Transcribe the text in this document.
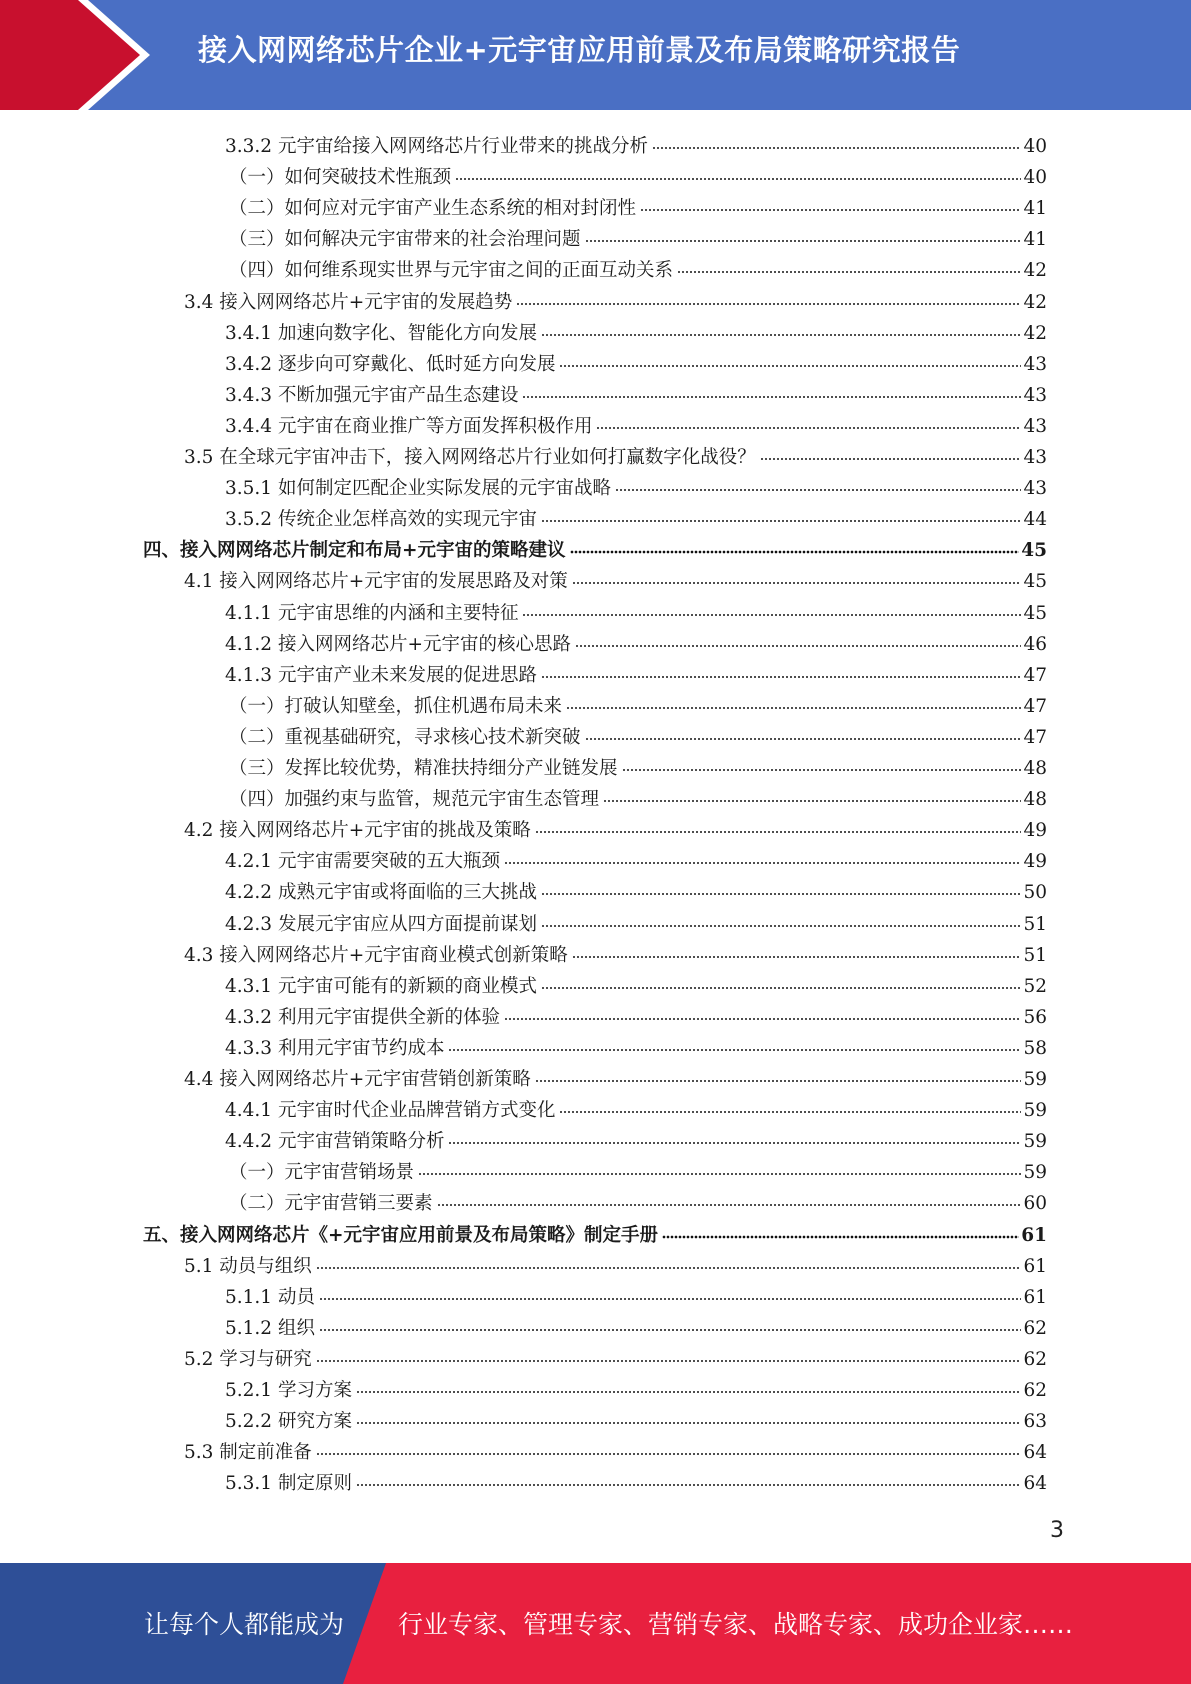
接入网网络芯片企业+元宇宙应用前景及布局策略研究报告
3.3.2 元宇宙给接入网网络芯片行业带来的挑战分析	40
（一）如何突破技术性瓶颈	40
（二）如何应对元宇宙产业生态系统的相对封闭性	41
（三）如何解决元宇宙带来的社会治理问题	41
（四）如何维系现实世界与元宇宙之间的正面互动关系	42
3.4 接入网网络芯片+元宇宙的发展趋势	42
3.4.1 加速向数字化、智能化方向发展	42
3.4.2 逐步向可穿戴化、低时延方向发展	43
3.4.3 不断加强元宇宙产品生态建设	43
3.4.4 元宇宙在商业推广等方面发挥积极作用	43
3.5 在全球元宇宙冲击下，接入网网络芯片行业如何打赢数字化战役？	43
3.5.1 如何制定匹配企业实际发展的元宇宙战略	43
3.5.2 传统企业怎样高效的实现元宇宙	44
四、接入网网络芯片制定和布局+元宇宙的策略建议	45
4.1 接入网网络芯片+元宇宙的发展思路及对策	45
4.1.1 元宇宙思维的内涵和主要特征	45
4.1.2 接入网网络芯片+元宇宙的核心思路	46
4.1.3 元宇宙产业未来发展的促进思路	47
（一）打破认知壁垒，抓住机遇布局未来	47
（二）重视基础研究，寻求核心技术新突破	47
（三）发挥比较优势，精准扶持细分产业链发展	48
（四）加强约束与监管，规范元宇宙生态管理	48
4.2 接入网网络芯片+元宇宙的挑战及策略	49
4.2.1 元宇宙需要突破的五大瓶颈	49
4.2.2 成熟元宇宙或将面临的三大挑战	50
4.2.3 发展元宇宙应从四方面提前谋划	51
4.3 接入网网络芯片+元宇宙商业模式创新策略	51
4.3.1 元宇宙可能有的新颖的商业模式	52
4.3.2 利用元宇宙提供全新的体验	56
4.3.3 利用元宇宙节约成本	58
4.4 接入网网络芯片+元宇宙营销创新策略	59
4.4.1 元宇宙时代企业品牌营销方式变化	59
4.4.2 元宇宙营销策略分析	59
（一）元宇宙营销场景	59
（二）元宇宙营销三要素	60
五、接入网网络芯片《+元宇宙应用前景及布局策略》制定手册	61
5.1 动员与组织	61
5.1.1 动员	61
5.1.2 组织	62
5.2 学习与研究	62
5.2.1 学习方案	62
5.2.2 研究方案	63
5.3 制定前准备	64
5.3.1 制定原则	64
3
让每个人都能成为 行业专家、管理专家、营销专家、战略专家、成功企业家……
